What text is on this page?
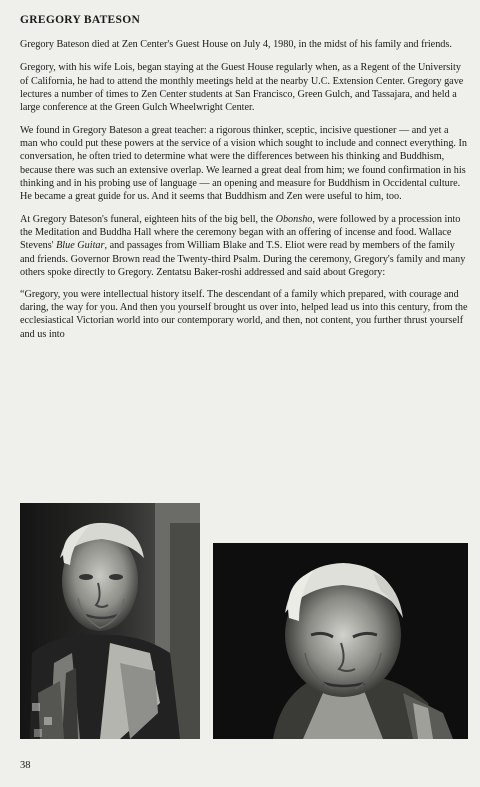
GREGORY BATESON

Gregory Bateson died at Zen Center's Guest House on July 4, 1980, in the midst of his family and friends.

Gregory, with his wife Lois, began staying at the Guest House regularly when, as a Regent of the University of California, he had to attend the monthly meetings held at the nearby U.C. Extension Center. Gregory gave lectures a number of times to Zen Center students at San Francisco, Green Gulch, and Tassajara, and held a large conference at the Green Gulch Wheelwright Center.

We found in Gregory Bateson a great teacher: a rigorous thinker, sceptic, incisive questioner — and yet a man who could put these powers at the service of a vision which sought to include and connect everything. In conversation, he often tried to determine what were the differences between his thinking and Buddhism, because there was such an extensive overlap. We learned a great deal from him; we found confirmation in his thinking and in his probing use of language — an opening and measure for Buddhism in Occidental culture. He became a great guide for us. And it seems that Buddhism and Zen were useful to him, too.

At Gregory Bateson's funeral, eighteen hits of the big bell, the Obonsho, were followed by a procession into the Meditation and Buddha Hall where the ceremony began with an offering of incense and food. Wallace Stevens' Blue Guitar, and passages from William Blake and T.S. Eliot were read by members of the family and friends. Governor Brown read the Twenty-third Psalm. During the ceremony, Gregory's family and many others spoke directly to Gregory. Zentatsu Baker-roshi addressed and said about Gregory:

“Gregory, you were intellectual history itself. The descendant of a family which prepared, with courage and daring, the way for you. And then you yourself brought us over into, helped lead us into this century, from the ecclesiastical Victorian world into our contemporary world, and then, not content, you further thrust yourself and us into

38
